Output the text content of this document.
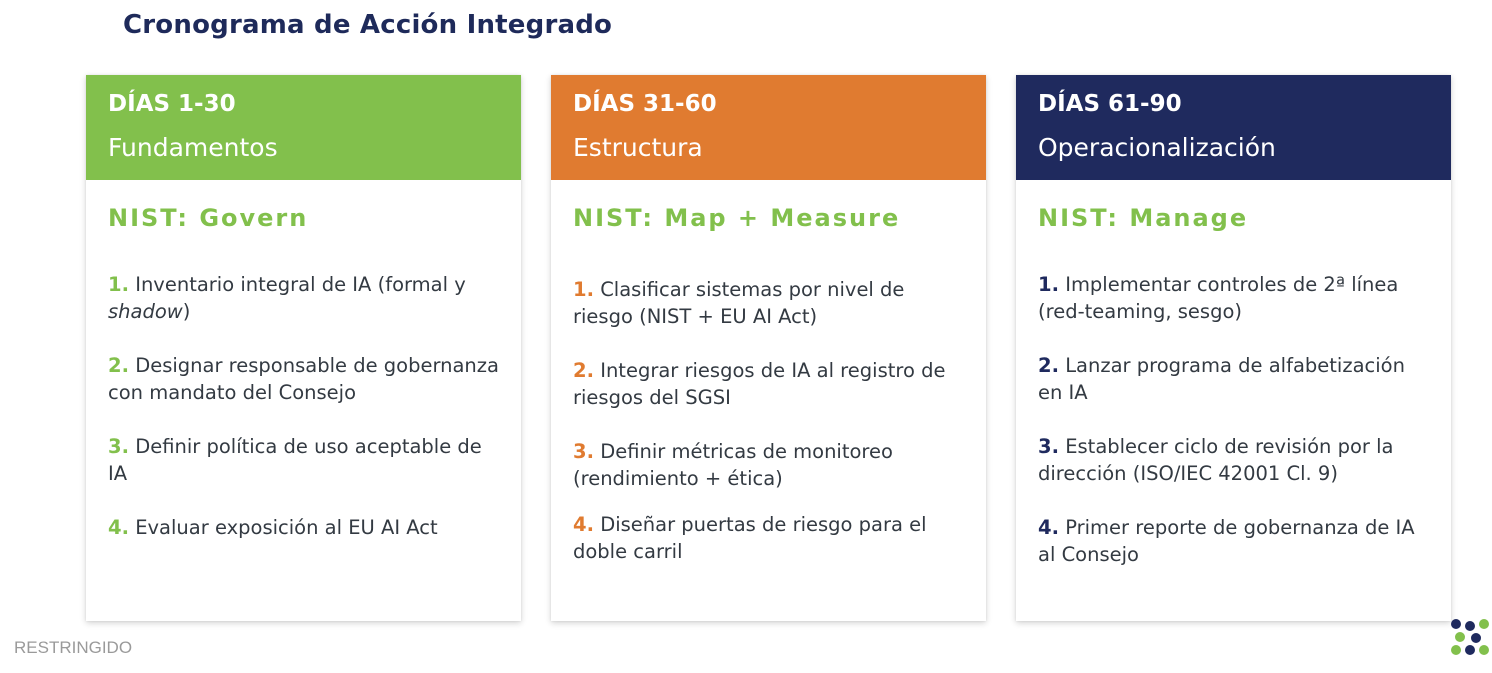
Cronograma de Acción Integrado
DÍAS 1-30
Fundamentos
NIST: Govern
1. Inventario integral de IA (formal y shadow)
2. Designar responsable de gobernanza con mandato del Consejo
3. Definir política de uso aceptable de IA
4. Evaluar exposición al EU AI Act
DÍAS 31-60
Estructura
NIST: Map + Measure
1. Clasificar sistemas por nivel de riesgo (NIST + EU AI Act)
2. Integrar riesgos de IA al registro de riesgos del SGSI
3. Definir métricas de monitoreo (rendimiento + ética)
4. Diseñar puertas de riesgo para el doble carril
DÍAS 61-90
Operacionalización
NIST: Manage
1. Implementar controles de 2ª línea (red-teaming, sesgo)
2. Lanzar programa de alfabetización en IA
3. Establecer ciclo de revisión por la dirección (ISO/IEC 42001 Cl. 9)
4. Primer reporte de gobernanza de IA al Consejo
RESTRINGIDO
